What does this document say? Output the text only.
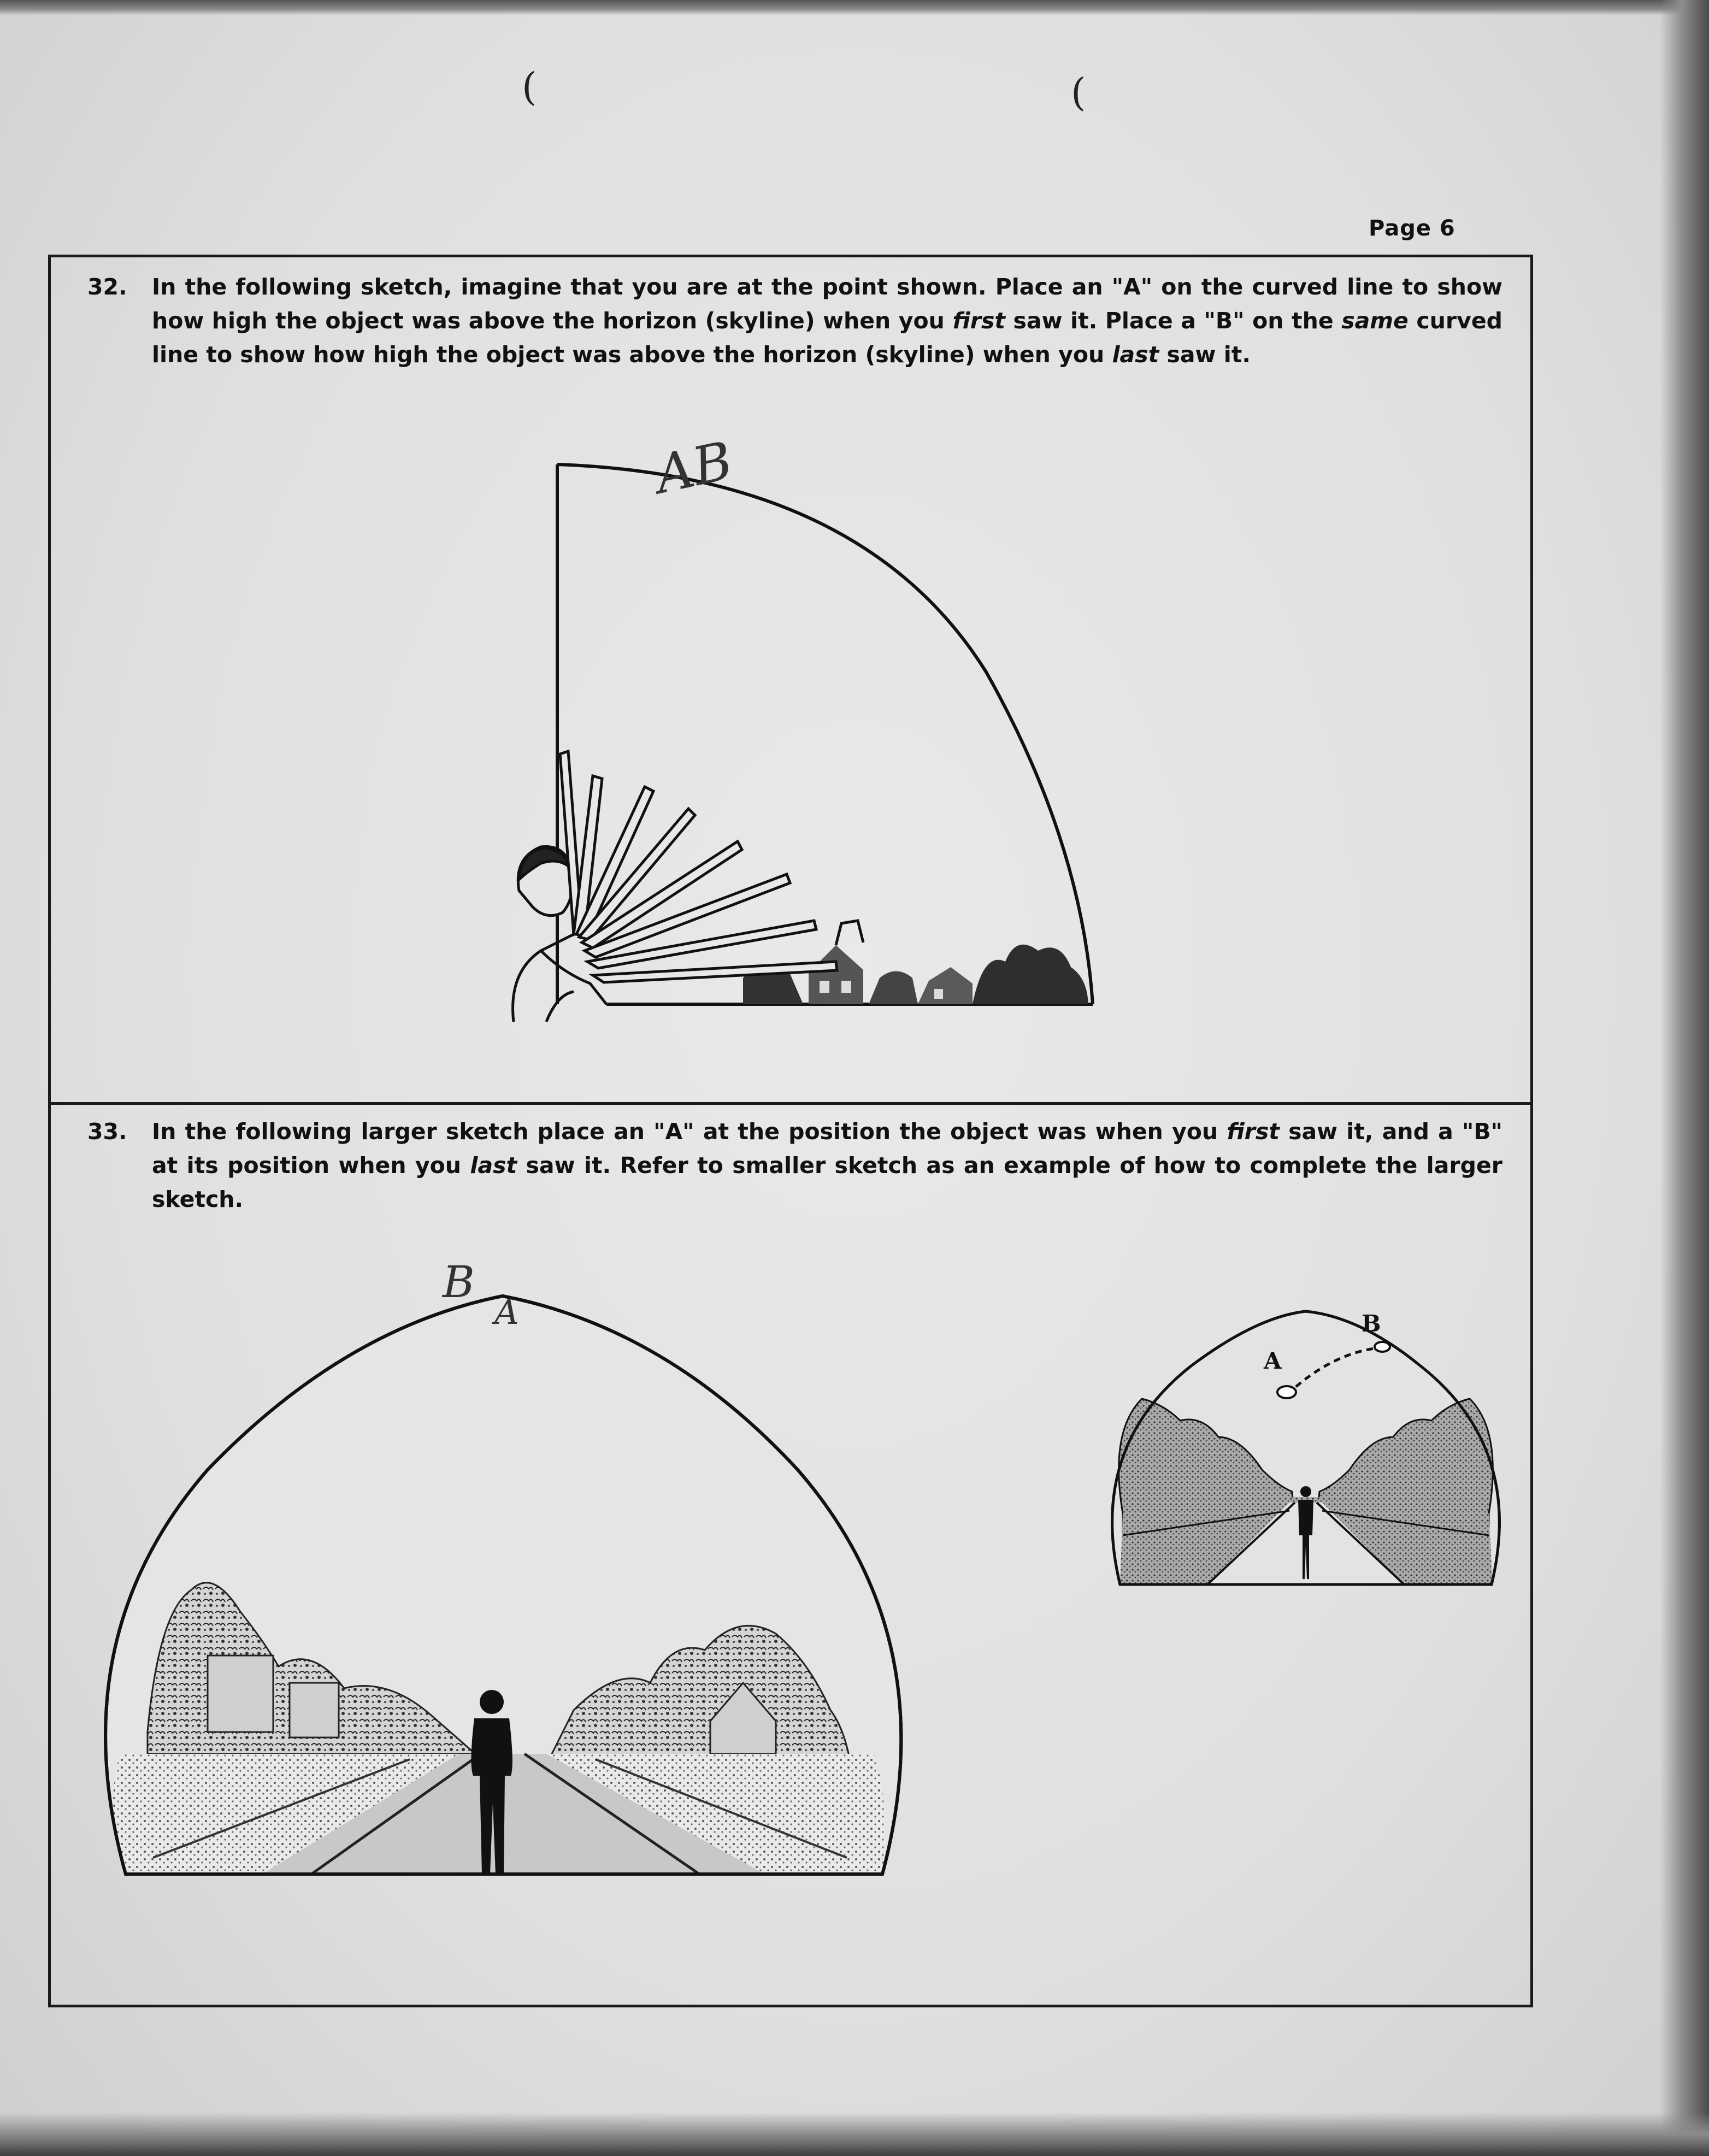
(	(
Page 6
32.	In the following sketch, imagine that you are at the point shown. Place an "A" on the curved line to show how high the object was above the horizon (skyline) when you first saw it. Place a "B" on the same curved line to show how high the object was above the horizon (skyline) when you last saw it.
AB
33.	In the following larger sketch place an "A" at the position the object was when you first saw it, and a "B" at its position when you last saw it. Refer to smaller sketch as an example of how to complete the larger sketch.
B
A
A
B
